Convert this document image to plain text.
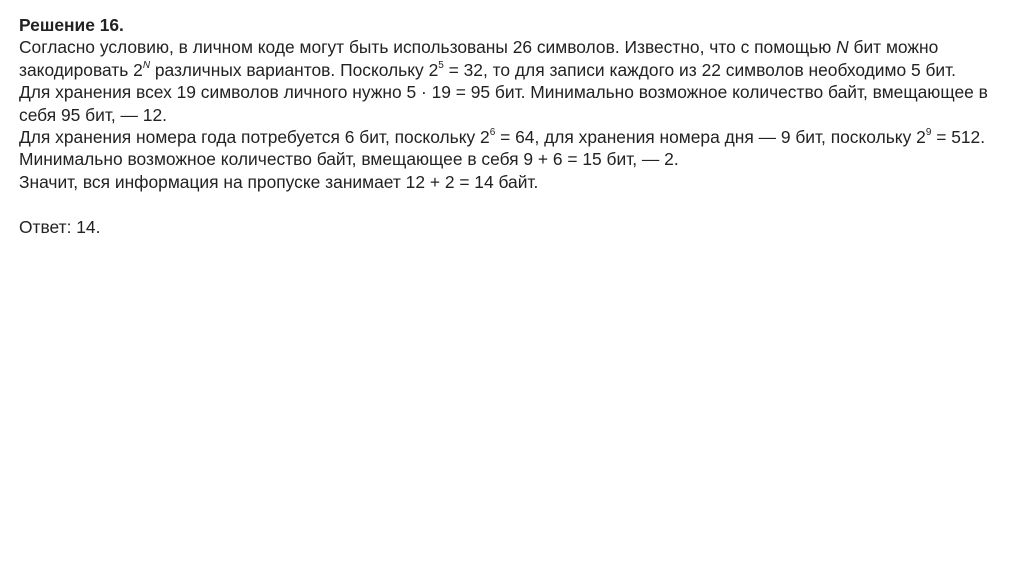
Решение 16.

Согласно условию, в личном коде могут быть использованы 26 символов. Известно, что с помощью N бит можно закодировать $2^N$ различных вариантов. Поскольку $2^5 = 32$, то для записи каждого из 22 символов необходимо 5 бит.

Для хранения всех 19 символов личного нужно 5 · 19 = 95 бит. Минимально возможное количество байт, вмещающее в себя 95 бит, — 12.

Для хранения номера года потребуется 6 бит, поскольку $2^6 = 64$, для хранения номера дня — 9 бит, поскольку $2^9 = 512$. Минимально возможное количество байт, вмещающее в себя 9 + 6 = 15 бит, — 2.

Значит, вся информация на пропуске занимает 12 + 2 = 14 байт.

Ответ: 14.
